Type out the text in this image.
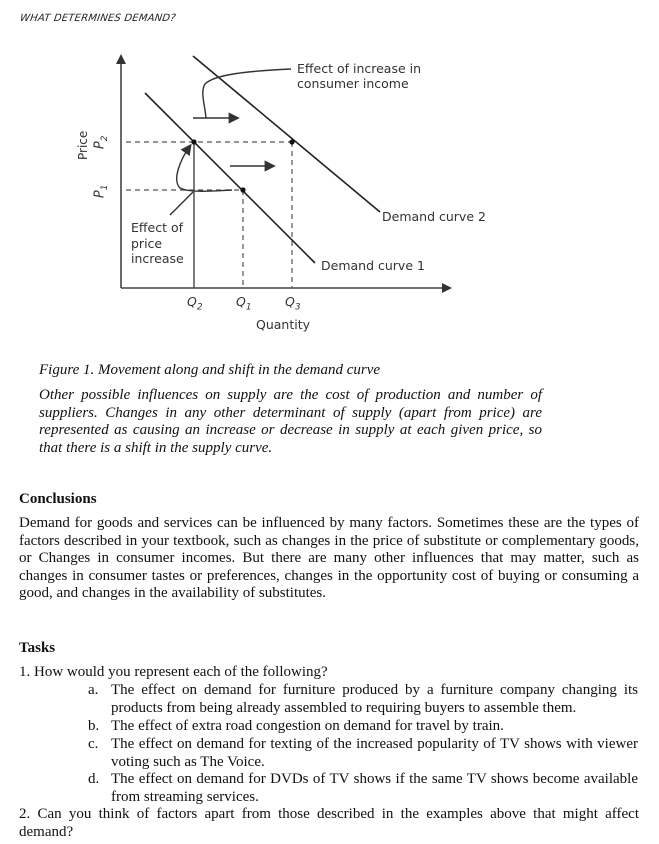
WHAT DETERMINES DEMAND?
Price $P_2$
$P_1$
$Q_2$	$Q_1$	$Q_3$
Quantity
Effect of increase in
consumer income
Effect of
price
increase
Demand curve 2
Demand curve 1
Figure 1. Movement along and shift in the demand curve
Other possible influences on supply are the cost of production and number of suppliers. Changes in any other determinant of supply (apart from price) are represented as causing an increase or decrease in supply at each given price, so that there is a shift in the supply curve.
Conclusions
Demand for goods and services can be influenced by many factors. Sometimes these are the types of factors described in your textbook, such as changes in the price of substitute or complementary goods, or Changes in consumer incomes. But there are many other influences that may matter, such as changes in consumer tastes or preferences, changes in the opportunity cost of buying or consuming a good, and changes in the availability of substitutes.
Tasks
1. How would you represent each of the following?
a. The effect on demand for furniture produced by a furniture company changing its products from being already assembled to requiring buyers to assemble them.
b. The effect of extra road congestion on demand for travel by train.
c. The effect on demand for texting of the increased popularity of TV shows with viewer voting such as The Voice.
d. The effect on demand for DVDs of TV shows if the same TV shows become available from streaming services.
2. Can you think of factors apart from those described in the examples above that might affect demand?
